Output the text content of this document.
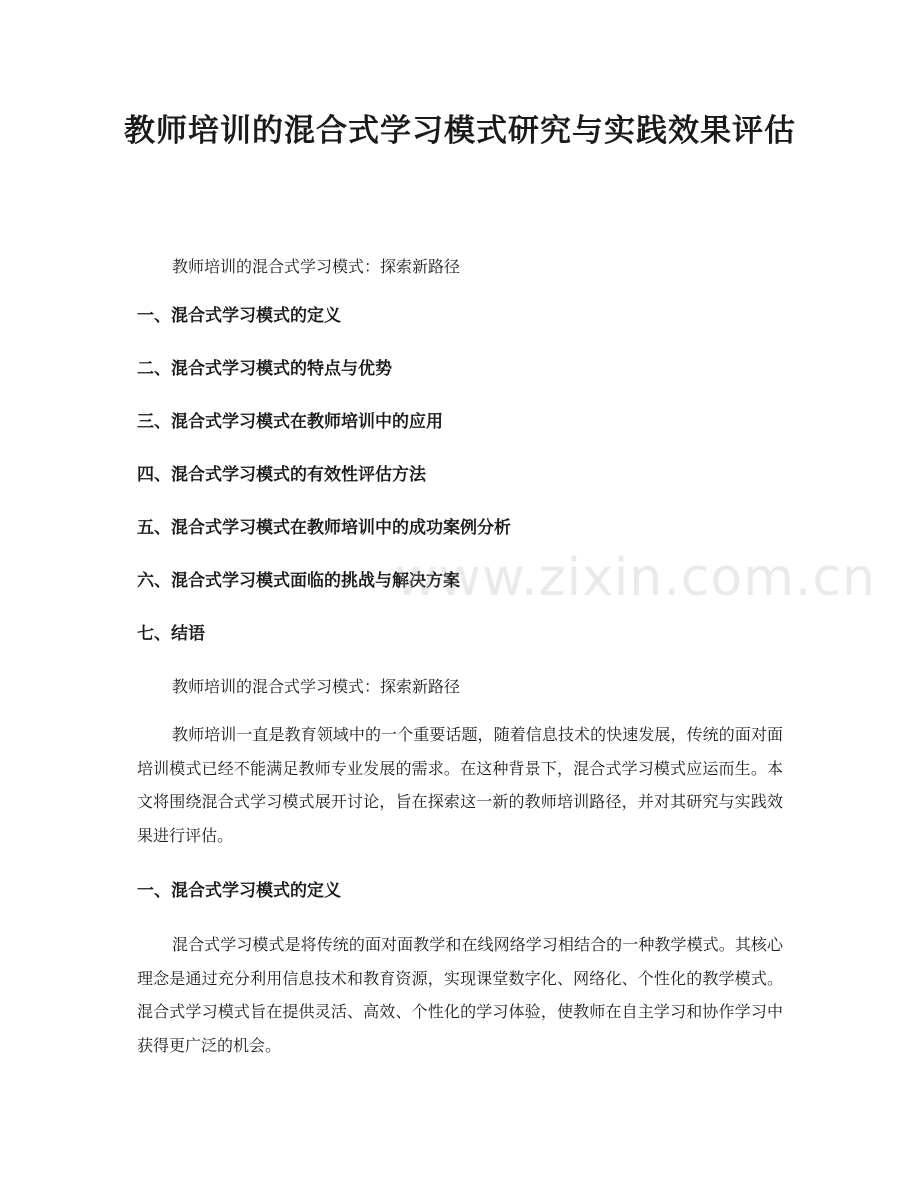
教师培训的混合式学习模式研究与实践效果评估

教师培训的混合式学习模式：探索新路径

一、混合式学习模式的定义

二、混合式学习模式的特点与优势

三、混合式学习模式在教师培训中的应用

四、混合式学习模式的有效性评估方法

五、混合式学习模式在教师培训中的成功案例分析

六、混合式学习模式面临的挑战与解决方案

七、结语

教师培训的混合式学习模式：探索新路径

教师培训一直是教育领域中的一个重要话题，随着信息技术的快速发展，传统的面对面培训模式已经不能满足教师专业发展的需求。在这种背景下，混合式学习模式应运而生。本文将围绕混合式学习模式展开讨论，旨在探索这一新的教师培训路径，并对其研究与实践效果进行评估。

一、混合式学习模式的定义

混合式学习模式是将传统的面对面教学和在线网络学习相结合的一种教学模式。其核心理念是通过充分利用信息技术和教育资源，实现课堂数字化、网络化、个性化的教学模式。混合式学习模式旨在提供灵活、高效、个性化的学习体验，使教师在自主学习和协作学习中获得更广泛的机会。

www.zixin.com.cn
